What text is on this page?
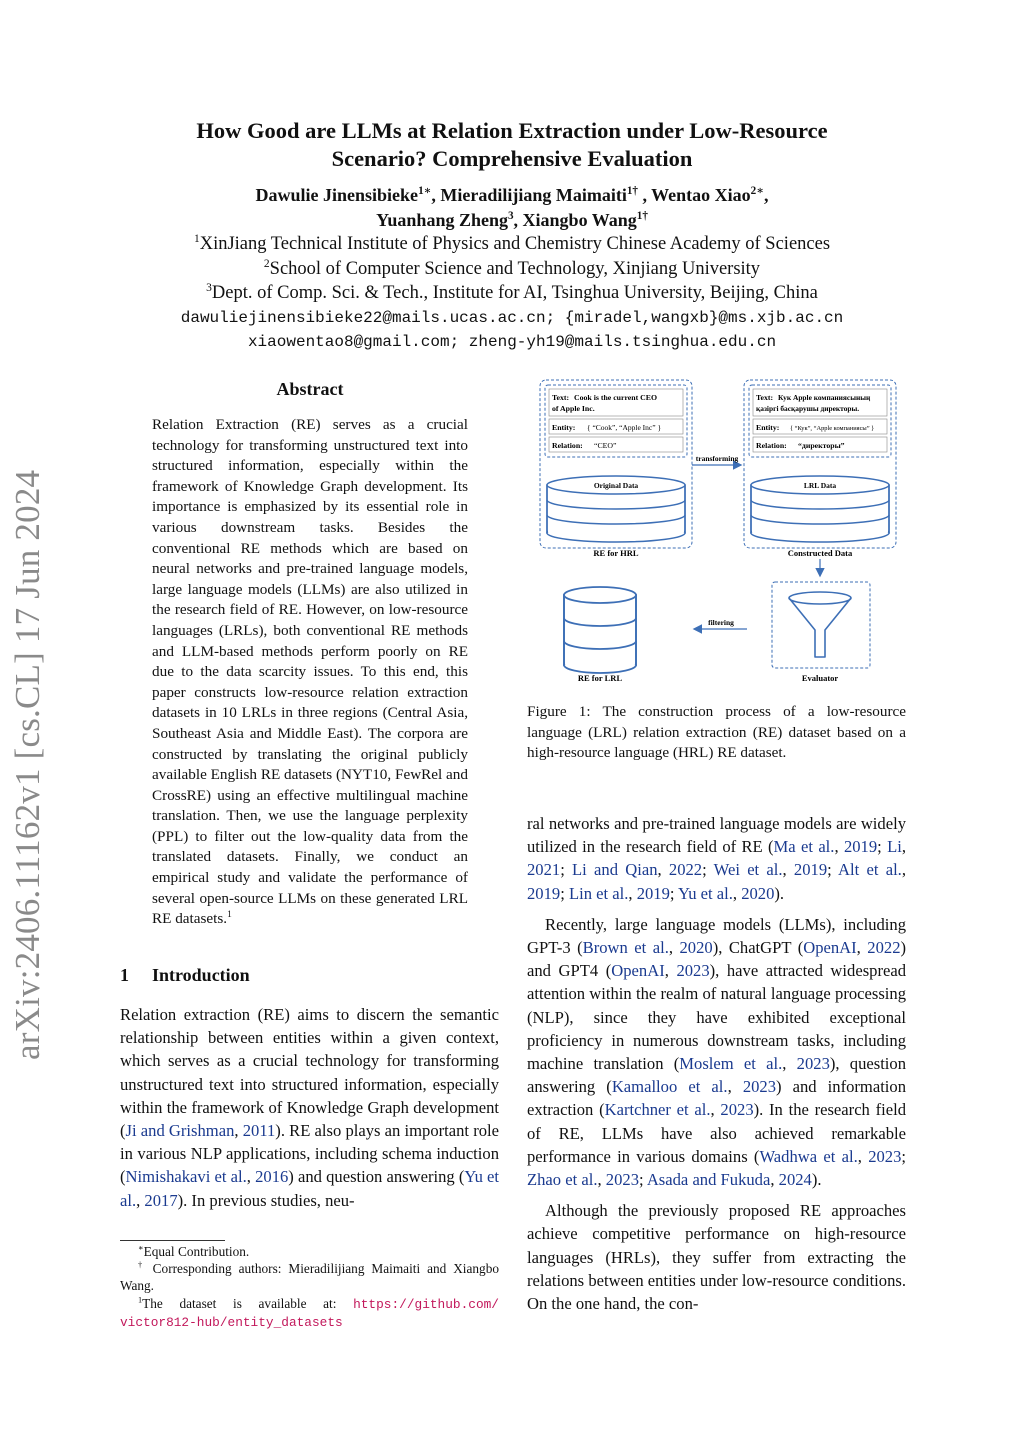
arXiv:2406.11162v1 [cs.CL] 17 Jun 2024
How Good are LLMs at Relation Extraction under Low-Resource
Scenario? Comprehensive Evaluation
Dawulie Jinensibieke$^{1∗}$, Mieradilijiang Maimaiti$^{1\dagger}$ , Wentao Xiao$^{2∗}$,
Yuanhang Zheng$^3$, Xiangbo Wang$^{1\dagger}$
$^1$XinJiang Technical Institute of Physics and Chemistry Chinese Academy of Sciences
$^2$School of Computer Science and Technology, Xinjiang University
$^3$Dept. of Comp. Sci. & Tech., Institute for AI, Tsinghua University, Beijing, China
dawuliejinensibieke22@mails.ucas.ac.cn; {miradel,wangxb}@ms.xjb.ac.cn
xiaowentao8@gmail.com; zheng-yh19@mails.tsinghua.edu.cn
Abstract
Relation Extraction (RE) serves as a crucial technology for transforming unstructured text into structured information, especially within the framework of Knowledge Graph development. Its importance is emphasized by its essential role in various downstream tasks. Besides the conventional RE methods which are based on neural networks and pre-trained language models, large language models (LLMs) are also utilized in the research field of RE. However, on low-resource languages (LRLs), both conventional RE methods and LLM-based methods perform poorly on RE due to the data scarcity issues. To this end, this paper constructs low-resource relation extraction datasets in 10 LRLs in three regions (Central Asia, Southeast Asia and Middle East). The corpora are constructed by translating the original publicly available English RE datasets (NYT10, FewRel and CrossRE) using an effective multilingual machine translation. Then, we use the language perplexity (PPL) to filter out the low-quality data from the translated datasets. Finally, we conduct an empirical study and validate the performance of several open-source LLMs on these generated LRL RE datasets.$^1$
1 Introduction

Relation extraction (RE) aims to discern the semantic relationship between entities within a given context, which serves as a crucial technology for transforming unstructured text into structured information, especially within the framework of Knowledge Graph development (Ji and Grishman, 2011). RE also plays an important role in various NLP applications, including schema induction (Nimishakavi et al., 2016) and question answering (Yu et al., 2017). In previous studies, neu-

∗Equal Contribution.

† Corresponding authors: Mieradilijiang Maimaiti and Xiangbo Wang.

$^1$The dataset is available at: https://github.com/

victor812-hub/entity_datasets

Text: Cook is the current CEO
of Apple Inc.
Entity: { “Cook”, “Apple Inc” }
Relation: “CEO”
Original Data
RE for HRL
transforming
Text: Кук Apple компаниясының
қазіргі басқарушы директоры.
Entity: { “Кук”, “Apple компаниясы” }
Relation: “директоры”
LRL Data
Constructed Data
Evaluator
filtering
RE for LRL
Figure 1: The construction process of a low-resource language (LRL) relation extraction (RE) dataset based on a high-resource language (HRL) RE dataset.

ral networks and pre-trained language models are widely utilized in the research field of RE (Ma et al., 2019; Li, 2021; Li and Qian, 2022; Wei et al., 2019; Alt et al., 2019; Lin et al., 2019; Yu et al., 2020).

Recently, large language models (LLMs), including GPT-3 (Brown et al., 2020), ChatGPT (OpenAI, 2022) and GPT4 (OpenAI, 2023), have attracted widespread attention within the realm of natural language processing (NLP), since they have exhibited exceptional proficiency in numerous downstream tasks, including machine translation (Moslem et al., 2023), question answering (Kamalloo et al., 2023) and information extraction (Kartchner et al., 2023). In the research field of RE, LLMs have also achieved remarkable performance in various domains (Wadhwa et al., 2023; Zhao et al., 2023; Asada and Fukuda, 2024).

Although the previously proposed RE approaches achieve competitive performance on high-resource languages (HRLs), they suffer from extracting the relations between entities under low-resource conditions. On the one hand, the con-
